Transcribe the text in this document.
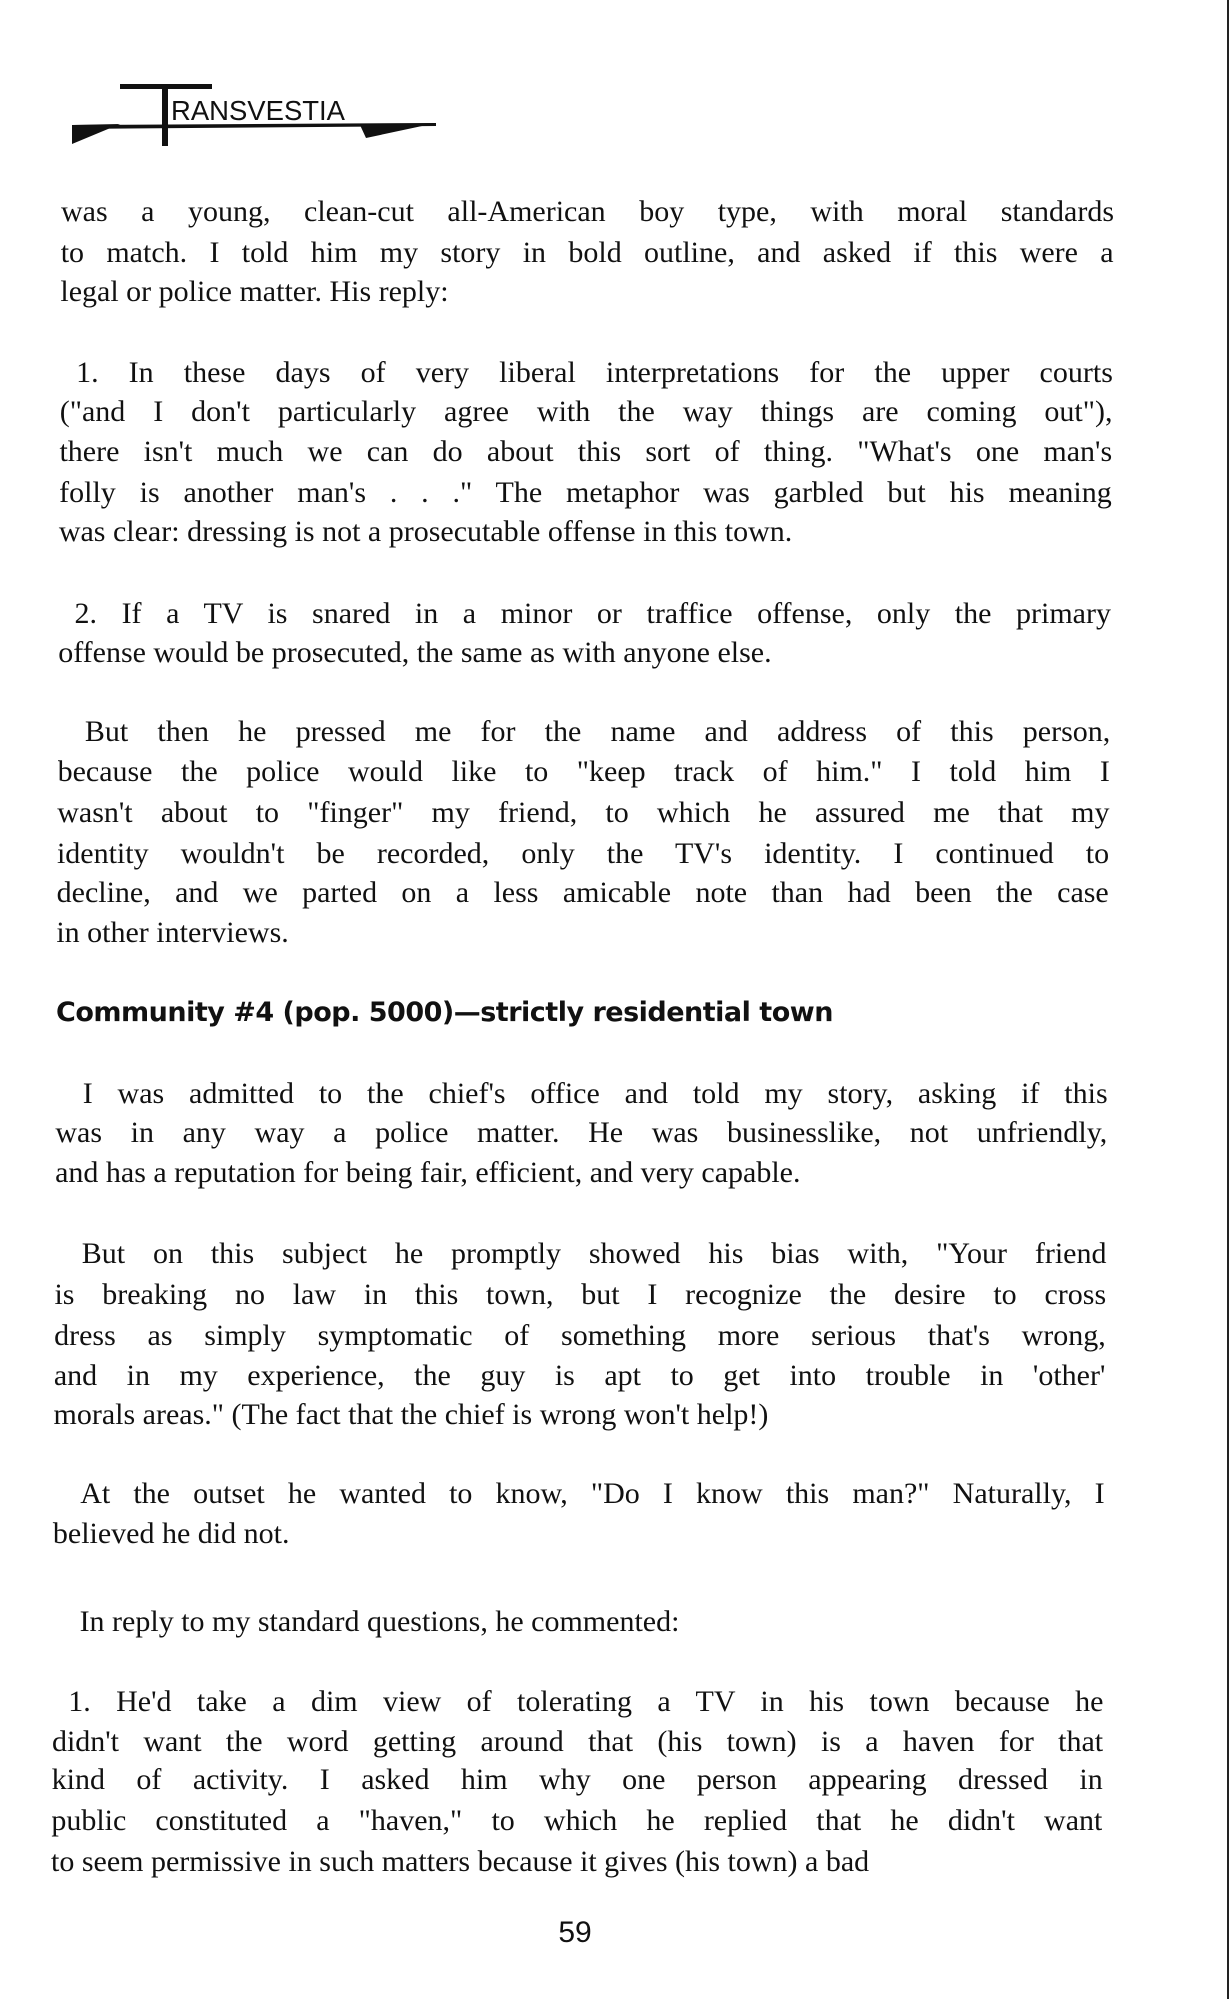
RANSVESTIA
was a young, clean-cut all-American boy type, with moral standards
to match. I told him my story in bold outline, and asked if this were a
legal or police matter. His reply:
1. In these days of very liberal interpretations for the upper courts
("and I don't particularly agree with the way things are coming out"),
there isn't much we can do about this sort of thing. "What's one man's
folly is another man's . . ." The metaphor was garbled but his meaning
was clear: dressing is not a prosecutable offense in this town.
2. If a TV is snared in a minor or traffice offense, only the primary
offense would be prosecuted, the same as with anyone else.
But then he pressed me for the name and address of this person,
because the police would like to "keep track of him." I told him I
wasn't about to "finger" my friend, to which he assured me that my
identity wouldn't be recorded, only the TV's identity. I continued to
decline, and we parted on a less amicable note than had been the case
in other interviews.
Community #4 (pop. 5000)—strictly residential town
I was admitted to the chief's office and told my story, asking if this
was in any way a police matter. He was businesslike, not unfriendly,
and has a reputation for being fair, efficient, and very capable.
But on this subject he promptly showed his bias with, "Your friend
is breaking no law in this town, but I recognize the desire to cross
dress as simply symptomatic of something more serious that's wrong,
and in my experience, the guy is apt to get into trouble in 'other'
morals areas." (The fact that the chief is wrong won't help!)
At the outset he wanted to know, "Do I know this man?" Naturally, I
believed he did not.
In reply to my standard questions, he commented:
1. He'd take a dim view of tolerating a TV in his town because he
didn't want the word getting around that (his town) is a haven for that
kind of activity. I asked him why one person appearing dressed in
public constituted a "haven," to which he replied that he didn't want
to seem permissive in such matters because it gives (his town) a bad
59
